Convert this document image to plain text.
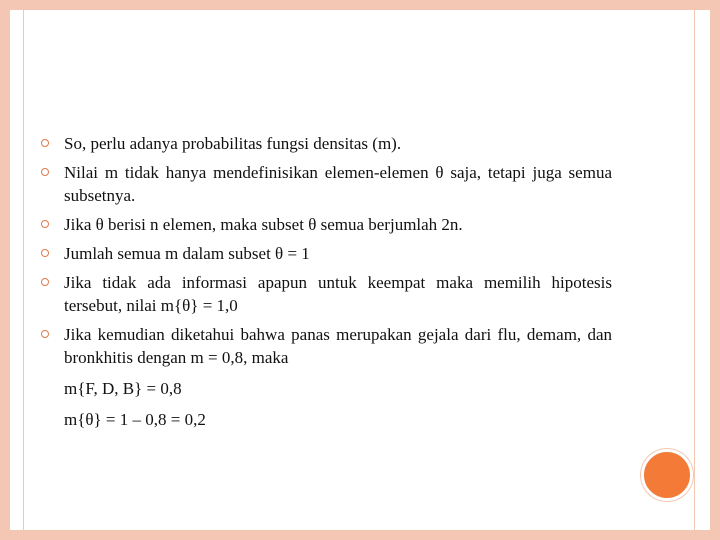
So, perlu adanya probabilitas fungsi densitas (m).
Nilai m tidak hanya mendefinisikan elemen-elemen θ saja, tetapi juga semua subsetnya.
Jika θ berisi n elemen, maka subset θ semua berjumlah 2n.
Jumlah semua m dalam subset θ = 1
Jika tidak ada informasi apapun untuk keempat maka memilih hipotesis tersebut, nilai m{θ} = 1,0
Jika kemudian diketahui bahwa panas merupakan gejala dari flu, demam, dan bronkhitis dengan m = 0,8, maka
m{F, D, B} = 0,8
m{θ} = 1 – 0,8 = 0,2
